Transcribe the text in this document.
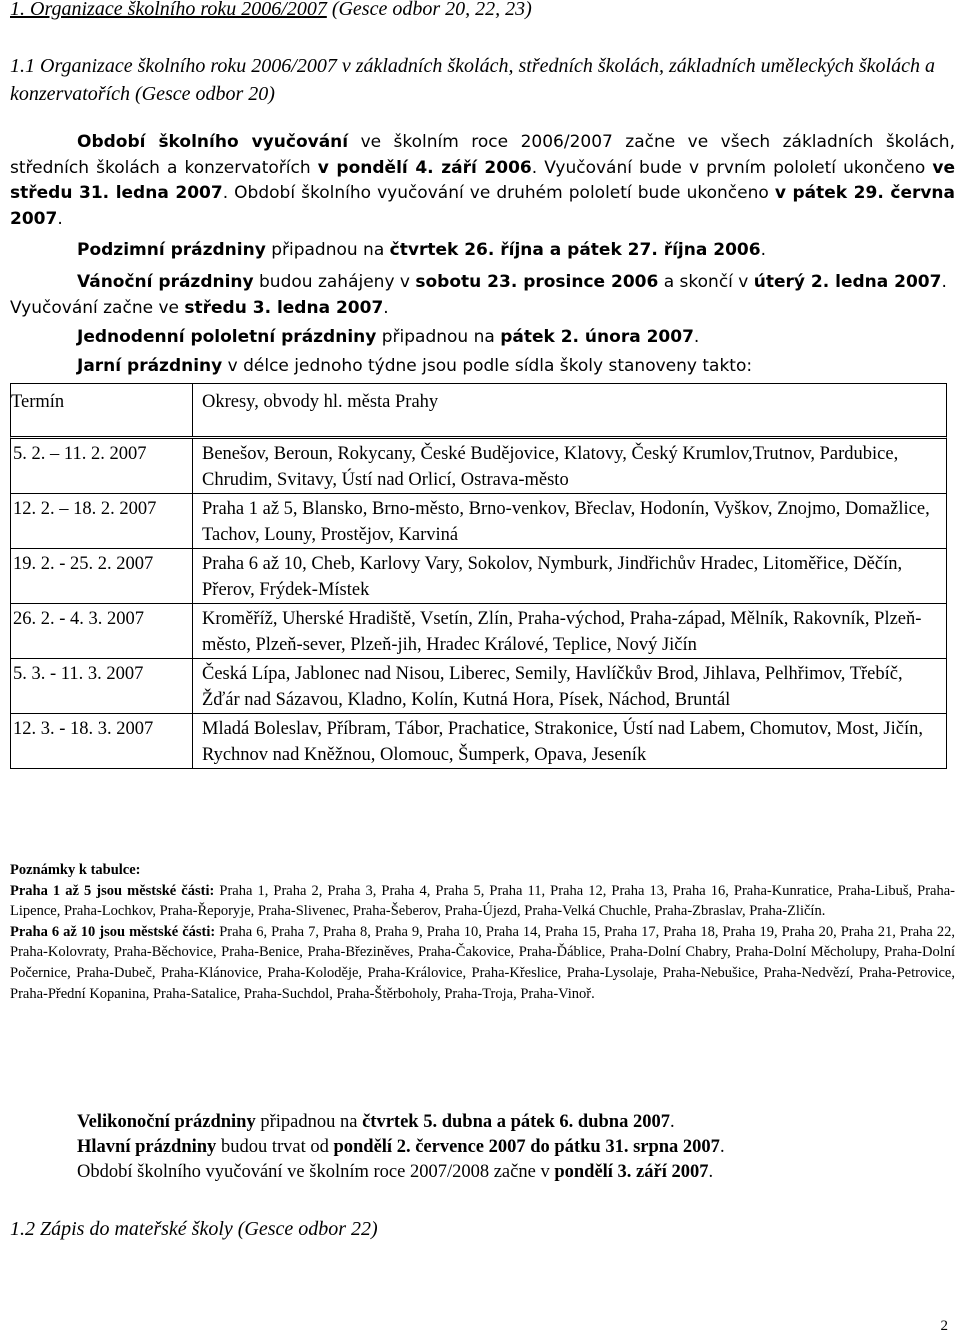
1. Organizace školního roku 2006/2007 (Gesce odbor 20, 22, 23)
1.1 Organizace školního roku 2006/2007 v základních školách, středních školách, základních uměleckých školách a konzervatořích (Gesce odbor 20)
Období školního vyučování ve školním roce 2006/2007 začne ve všech základních školách, středních školách a konzervatořích v pondělí 4. září 2006. Vyučování bude v prvním pololetí ukončeno ve středu 31. ledna 2007. Období školního vyučování ve druhém pololetí bude ukončeno v pátek 29. června 2007.
Podzimní prázdniny připadnou na čtvrtek 26. října a pátek 27. října 2006.
Vánoční prázdniny budou zahájeny v sobotu 23. prosince 2006 a skončí v úterý 2. ledna 2007. Vyučování začne ve středu 3. ledna 2007.
Jednodenní pololetní prázdniny připadnou na pátek 2. února 2007.
Jarní prázdniny v délce jednoho týdne jsou podle sídla školy stanoveny takto:
Termín	Okresy, obvody hl. města Prahy
5. 2. – 11. 2. 2007	Benešov, Beroun, Rokycany, České Budějovice, Klatovy, Český Krumlov,Trutnov, Pardubice, Chrudim, Svitavy, Ústí nad Orlicí, Ostrava-město
12. 2. – 18. 2. 2007 Praha 1 až 5, Blansko, Brno-město, Brno-venkov, Břeclav, Hodonín, Vyškov, Znojmo, Domažlice, Tachov, Louny, Prostějov, Karviná
19. 2. - 25. 2. 2007	Praha 6 až 10, Cheb, Karlovy Vary, Sokolov, Nymburk, Jindřichův Hradec, Litoměřice, Děčín, Přerov, Frýdek-Místek
26. 2. - 4. 3. 2007	Kroměříž, Uherské Hradiště, Vsetín, Zlín, Praha-východ, Praha-západ, Mělník, Rakovník, Plzeň-město, Plzeň-sever, Plzeň-jih, Hradec Králové, Teplice, Nový Jičín
5. 3. - 11. 3. 2007	Česká Lípa, Jablonec nad Nisou, Liberec, Semily, Havlíčkův Brod, Jihlava, Pelhřimov, Třebíč, Žďár nad Sázavou, Kladno, Kolín, Kutná Hora, Písek, Náchod, Bruntál
12. 3. - 18. 3. 2007	Mladá Boleslav, Příbram, Tábor, Prachatice, Strakonice, Ústí nad Labem, Chomutov, Most, Jičín, Rychnov nad Kněžnou, Olomouc, Šumperk, Opava, Jeseník

Poznámky k tabulce:

Praha 1 až 5 jsou městské části: Praha 1, Praha 2, Praha 3, Praha 4, Praha 5, Praha 11, Praha 12, Praha 13, Praha 16, Praha-Kunratice, Praha-Libuš, Praha-Lipence, Praha-Lochkov, Praha-Řeporyje, Praha-Slivenec, Praha-Šeberov, Praha-Újezd, Praha-Velká Chuchle, Praha-Zbraslav, Praha-Zličín.

Praha 6 až 10 jsou městské části: Praha 6, Praha 7, Praha 8, Praha 9, Praha 10, Praha 14, Praha 15, Praha 17, Praha 18, Praha 19, Praha 20, Praha 21, Praha 22, Praha-Kolovraty, Praha-Běchovice, Praha-Benice, Praha-Březiněves, Praha-Čakovice, Praha-Ďáblice, Praha-Dolní Chabry, Praha-Dolní Měcholupy, Praha-Dolní Počernice, Praha-Dubeč, Praha-Klánovice, Praha-Koloděje, Praha-Královice, Praha-Křeslice, Praha-Lysolaje, Praha-Nebušice, Praha-Nedvězí, Praha-Petrovice, Praha-Přední Kopanina, Praha-Satalice, Praha-Suchdol, Praha-Štěrboholy, Praha-Troja, Praha-Vinoř.

Velikonoční prázdniny připadnou na čtvrtek 5. dubna a pátek 6. dubna 2007.
Hlavní prázdniny budou trvat od pondělí 2. července 2007 do pátku 31. srpna 2007.
Období školního vyučování ve školním roce 2007/2008 začne v pondělí 3. září 2007.
1.2 Zápis do mateřské školy (Gesce odbor 22)
2
